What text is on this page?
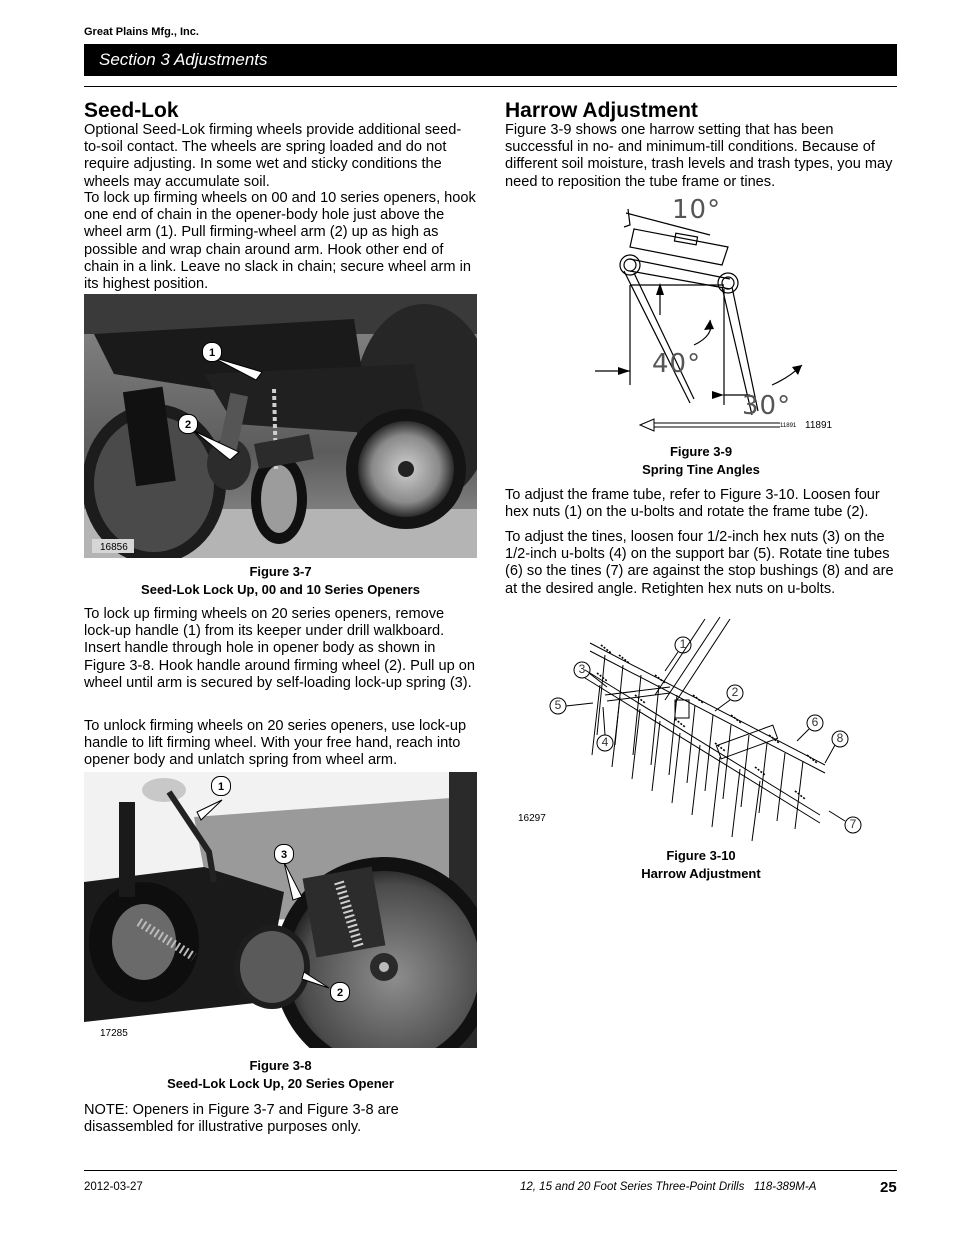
Great Plains Mfg., Inc.
Section 3 Adjustments
Seed-Lok

Optional Seed-Lok firming wheels provide additional seed-to-soil contact. The wheels are spring loaded and do not require adjusting. In some wet and sticky conditions the wheels may accumulate soil.

To lock up firming wheels on 00 and 10 series openers, hook one end of chain in the opener-body hole just above the wheel arm (1). Pull firming-wheel arm (2) up as high as possible and wrap chain around arm. Hook other end of chain in a link. Leave no slack in chain; secure wheel arm in its highest position.

1
2
16856
Figure 3-7
Seed-Lok Lock Up, 00 and 10 Series Openers

To lock up firming wheels on 20 series openers, remove lock-up handle (1) from its keeper under drill walkboard. Insert handle through hole in opener body as shown in Figure 3-8. Hook handle around firming wheel (2). Pull up on wheel until arm is secured by self-loading lock-up spring (3).

To unlock firming wheels on 20 series openers, use lock-up handle to lift firming wheel. With your free hand, reach into opener body and unlatch spring from wheel arm.

1
3
2
17285
Figure 3-8
Seed-Lok Lock Up, 20 Series Opener

NOTE: Openers in Figure 3-7 and Figure 3-8 are disassembled for illustrative purposes only.

Harrow Adjustment

Figure 3-9 shows one harrow setting that has been successful in no- and minimum-till conditions. Because of different soil moisture, trash levels and trash types, you may need to reposition the tube frame or tines.

10°
40°
30°
11891 11891
Figure 3-9
Spring Tine Angles

To adjust the frame tube, refer to Figure 3-10. Loosen four hex nuts (1) on the u-bolts and rotate the frame tube (2).

To adjust the tines, loosen four 1/2-inch hex nuts (3) on the 1/2-inch u-bolts (4) on the support bar (5). Rotate tine tubes (6) so the tines (7) are against the stop bushings (8) and are at the desired angle. Retighten hex nuts on u-bolts.

1
2
3
4
5
6
7
8
16297
Figure 3-10
Harrow Adjustment
2012-03-27	12, 15 and 20 Foot Series Three-Point Drills   118-389M-A	25
